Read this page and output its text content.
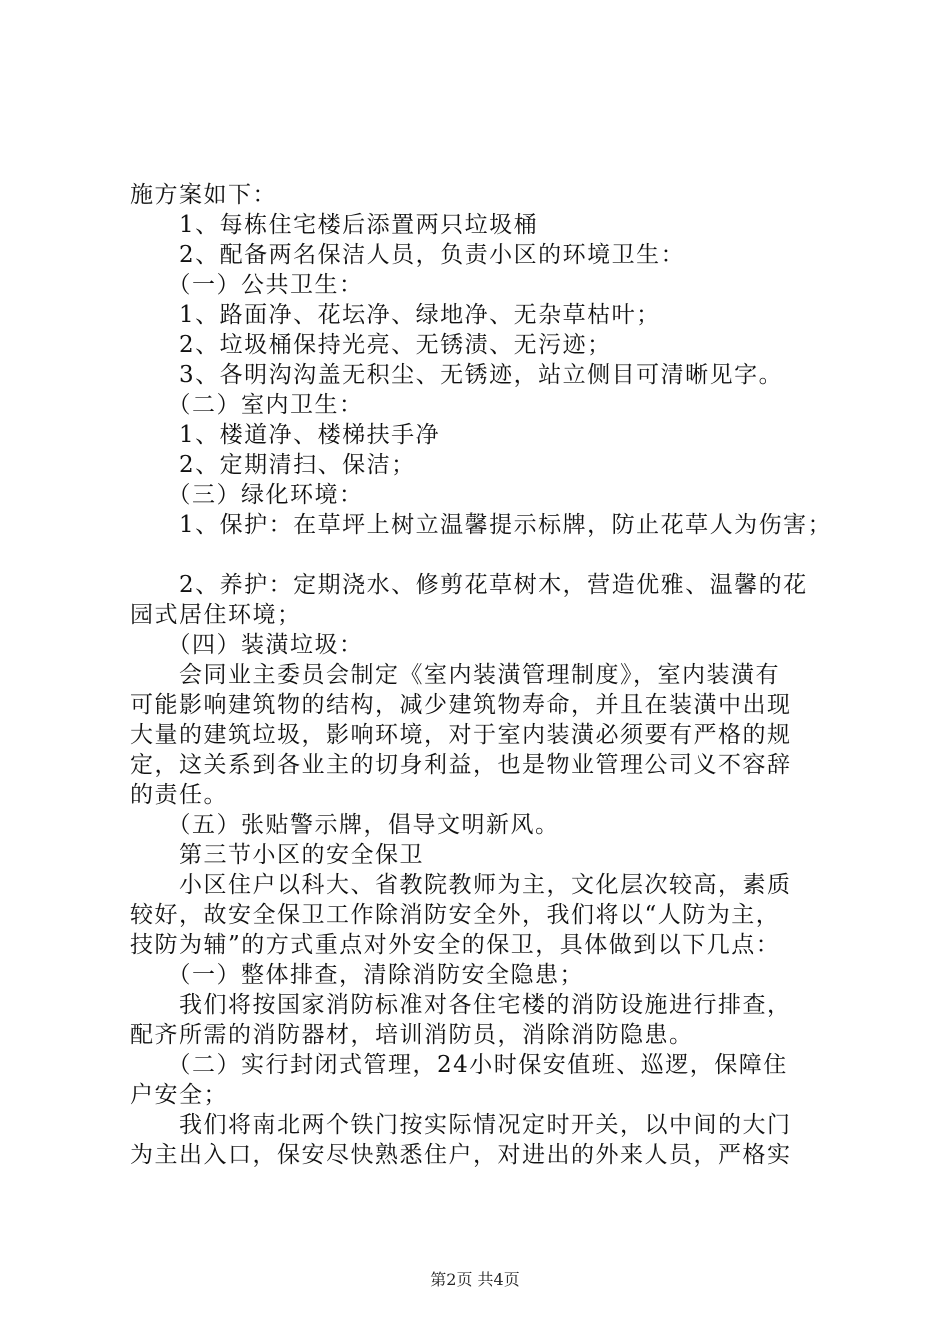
施方案如下：
　　1、每栋住宅楼后添置两只垃圾桶
　　2、配备两名保洁人员，负责小区的环境卫生：
　　（一）公共卫生：
　　1、路面净、花坛净、绿地净、无杂草枯叶；
　　2、垃圾桶保持光亮、无锈渍、无污迹；
　　3、各明沟沟盖无积尘、无锈迹，站立侧目可清晰见字。
　　（二）室内卫生：
　　1、楼道净、楼梯扶手净
　　2、定期清扫、保洁；
　　（三）绿化环境：
　　1、保护：在草坪上树立温馨提示标牌，防止花草人为伤害；
　　2、养护：定期浇水、修剪花草树木，营造优雅、温馨的花
园式居住环境；
　　（四）装潢垃圾：
　　会同业主委员会制定《室内装潢管理制度》，室内装潢有
可能影响建筑物的结构，减少建筑物寿命，并且在装潢中出现
大量的建筑垃圾，影响环境，对于室内装潢必须要有严格的规
定，这关系到各业主的切身利益，也是物业管理公司义不容辞
的责任。
　　（五）张贴警示牌，倡导文明新风。
　　第三节小区的安全保卫
　　小区住户以科大、省教院教师为主，文化层次较高，素质
较好，故安全保卫工作除消防安全外，我们将以“人防为主，
技防为辅”的方式重点对外安全的保卫，具体做到以下几点：
　　（一）整体排查，清除消防安全隐患；
　　我们将按国家消防标准对各住宅楼的消防设施进行排查，
配齐所需的消防器材，培训消防员，消除消防隐患。
　　（二）实行封闭式管理，24小时保安值班、巡逻，保障住
户安全；
　　我们将南北两个铁门按实际情况定时开关，以中间的大门
为主出入口，保安尽快熟悉住户，对进出的外来人员，严格实
第2页 共4页
